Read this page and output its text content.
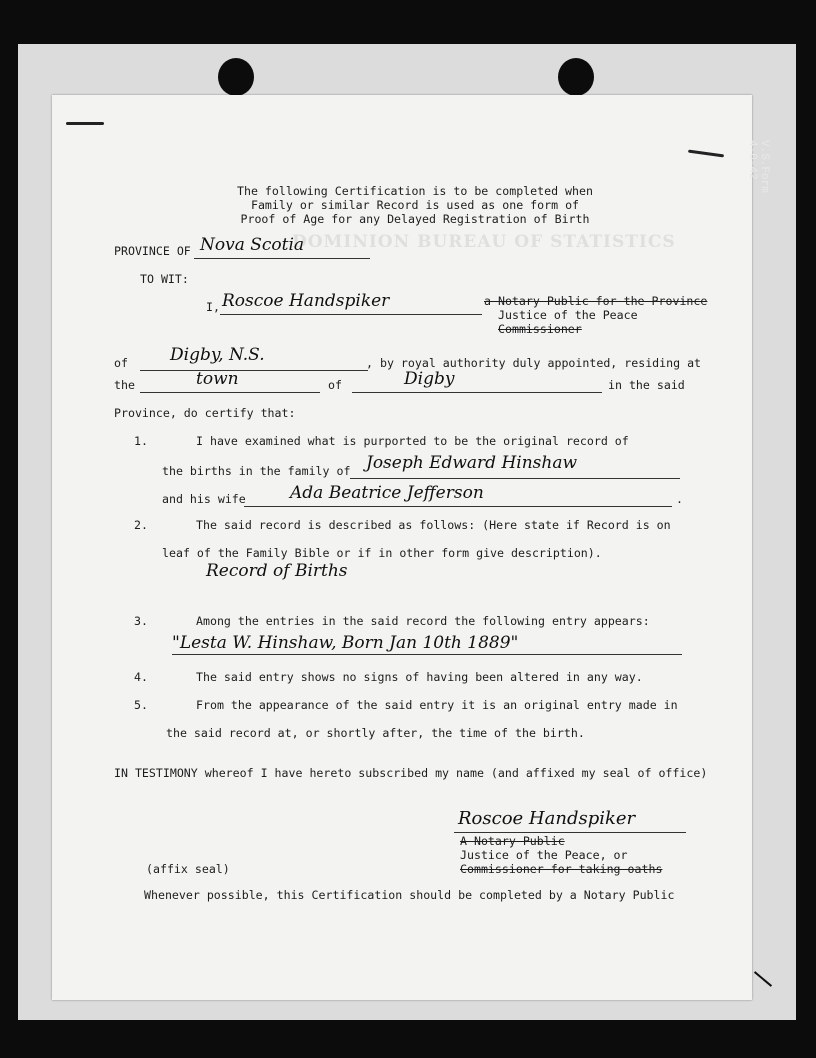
V.S.Form 4-0-42
DOMINION BUREAU OF STATISTICS
The following Certification is to be completed when
Family or similar Record is used as one form of
Proof of Age for any Delayed Registration of Birth
PROVINCE OF Nova Scotia
TO WIT:
I, Roscoe Handspiker	a Notary Public for the Province
Justice of the Peace
Commissioner
of Digby, N.S.	, by royal authority duly appointed, residing at
the	town	of	Digby	in the said
Province, do certify that:
1.	I have examined what is purported to be the original record of
the births in the family of Joseph Edward Hinshaw
and his wife	Ada Beatrice Jefferson	.
2.	The said record is described as follows: (Here state if Record is on
leaf of the Family Bible or if in other form give description).
Record of Births
3.	Among the entries in the said record the following entry appears:
"Lesta W. Hinshaw, Born Jan 10th 1889"
4.	The said entry shows no signs of having been altered in any way.
5.	From the appearance of the said entry it is an original entry made in
the said record at, or shortly after, the time of the birth.
IN TESTIMONY whereof I have hereto subscribed my name (and affixed my seal of office)
Roscoe Handspiker
A Notary Public
Justice of the Peace, or
Commissioner for taking oaths
(affix seal)
Whenever possible, this Certification should be completed by a Notary Public
